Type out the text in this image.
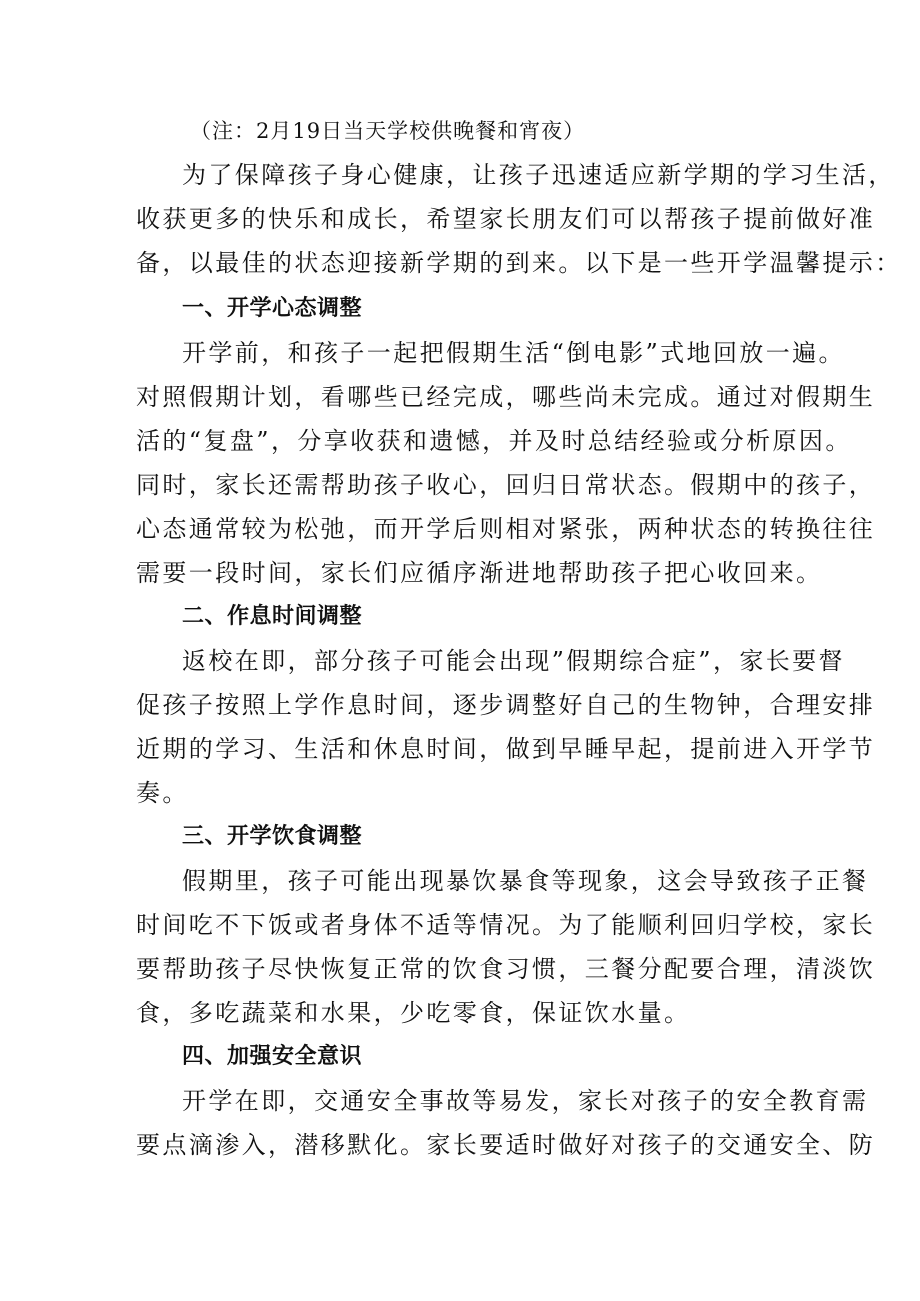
（注：2月19日当天学校供晚餐和宵夜）
为了保障孩子身心健康，让孩子迅速适应新学期的学习生活，
收获更多的快乐和成长，希望家长朋友们可以帮孩子提前做好准
备，以最佳的状态迎接新学期的到来。以下是一些开学温馨提示：
一、开学心态调整
开学前，和孩子一起把假期生活“倒电影”式地回放一遍。
对照假期计划，看哪些已经完成，哪些尚未完成。通过对假期生
活的“复盘”，分享收获和遗憾，并及时总结经验或分析原因。
同时，家长还需帮助孩子收心，回归日常状态。假期中的孩子，
心态通常较为松弛，而开学后则相对紧张，两种状态的转换往往
需要一段时间，家长们应循序渐进地帮助孩子把心收回来。
二、作息时间调整
返校在即，部分孩子可能会出现”假期综合症”，家长要督
促孩子按照上学作息时间，逐步调整好自己的生物钟，合理安排
近期的学习、生活和休息时间，做到早睡早起，提前进入开学节
奏。
三、开学饮食调整
假期里，孩子可能出现暴饮暴食等现象，这会导致孩子正餐
时间吃不下饭或者身体不适等情况。为了能顺利回归学校，家长
要帮助孩子尽快恢复正常的饮食习惯，三餐分配要合理，清淡饮
食，多吃蔬菜和水果，少吃零食，保证饮水量。
四、加强安全意识
开学在即，交通安全事故等易发，家长对孩子的安全教育需
要点滴渗入，潜移默化。家长要适时做好对孩子的交通安全、防
